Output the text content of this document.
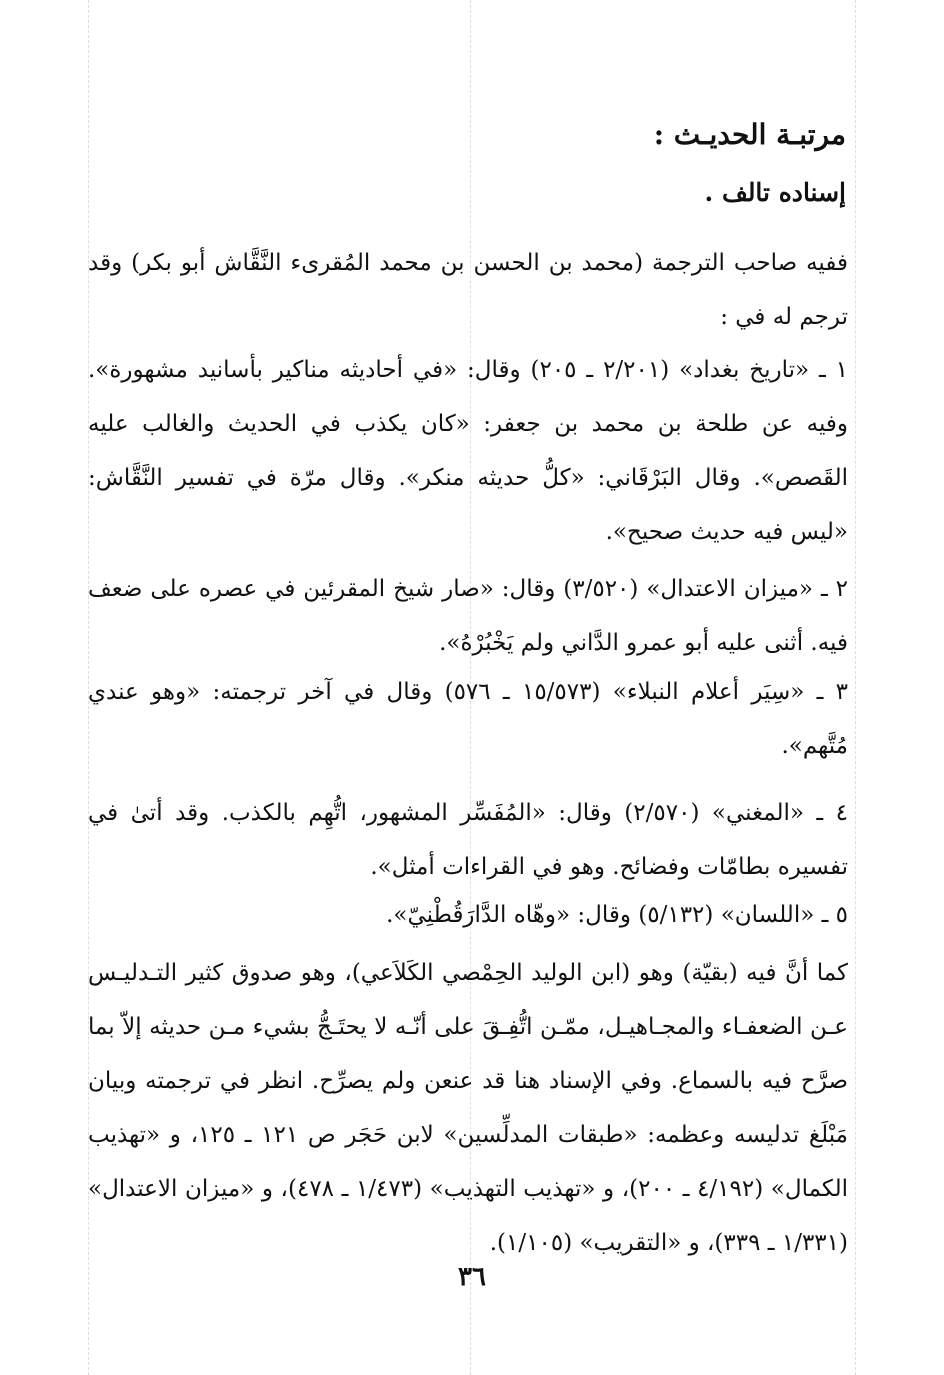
مرتبـة الحديـث :
إسناده تالف .

ففيه صاحب الترجمة (محمد بن الحسن بن محمد المُقرىء النَّقَّاش أبو بكر) وقد ترجم له في :

١ ـ «تاريخ بغداد» (٢/٢٠١ ـ ٢٠٥) وقال: «في أحاديثه مناكير بأسانيد مشهورة». وفيه عن طلحة بن محمد بن جعفر: «كان يكذب في الحديث والغالب عليه القَصص». وقال البَرْقَاني: «كلُّ حديثه منكر». وقال مرّة في تفسير النَّقَّاش: «ليس فيه حديث صحيح».

٢ ـ «ميزان الاعتدال» (٣/٥٢٠) وقال: «صار شيخ المقرئين في عصره على ضعف فيه. أثنى عليه أبو عمرو الدَّاني ولم يَخْبُرْهُ».

٣ ـ «سِيَر أعلام النبلاء» (١٥/٥٧٣ ـ ٥٧٦) وقال في آخر ترجمته: «وهو عندي مُتَّهم».

٤ ـ «المغني» (٢/٥٧٠) وقال: «المُفَسِّر المشهور، اتُّهِم بالكذب. وقد أتىٰ في تفسيره بطامّات وفضائح. وهو في القراءات أمثل».

٥ ـ «اللسان» (٥/١٣٢) وقال: «وهّاه الدَّارَقُطْنِيّ».

كما أنَّ فيه (بقيّة) وهو (ابن الوليد الحِمْصي الكَلاَعي)، وهو صدوق كثير التـدليـس عـن الضعفـاء والمجـاهيـل، ممّـن اتُّفِـقَ على أنّـه لا يحتَـجُّ بشيء مـن حديثه إلاّ بما صرَّح فيه بالسماع. وفي الإسناد هنا قد عنعن ولم يصرِّح. انظر في ترجمته وبيان مَبْلَغ تدليسه وعظمه: «طبقات المدلِّسين» لابن حَجَر ص ١٢١ ـ ١٢٥، و «تهذيب الكمال» (٤/١٩٢ ـ ٢٠٠)، و «تهذيب التهذيب» (١/٤٧٣ ـ ٤٧٨)، و «ميزان الاعتدال» (١/٣٣١ ـ ٣٣٩)، و «التقريب» (١/١٠٥).

٣٦
